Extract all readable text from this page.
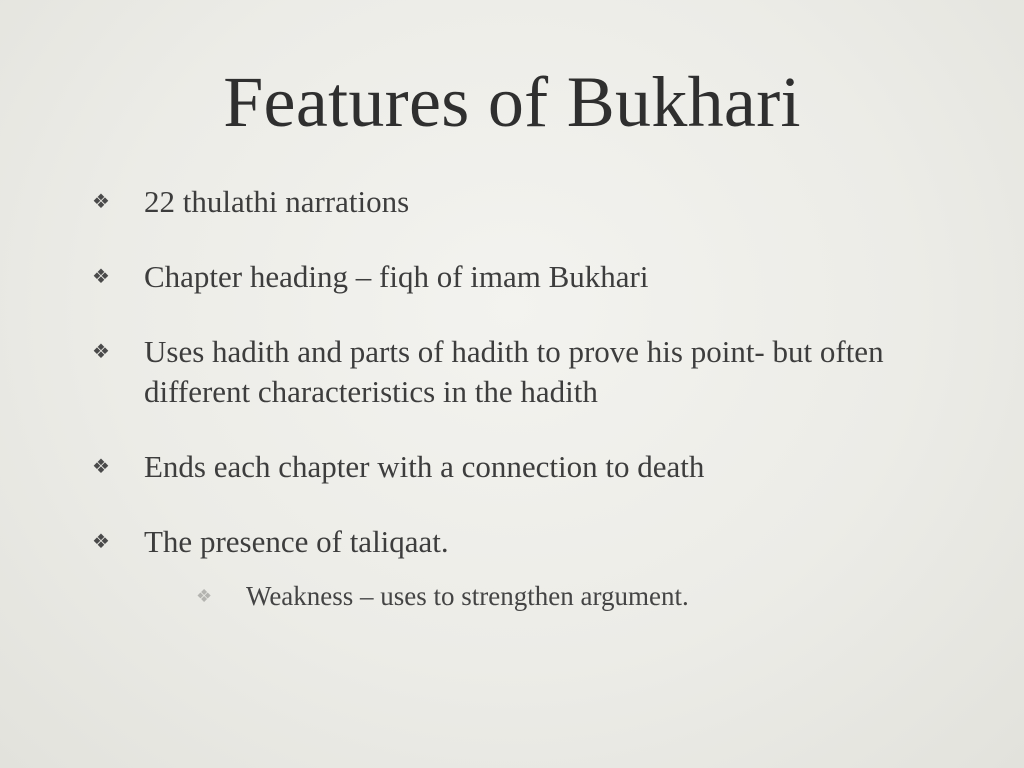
Features of Bukhari
❖ 22 thulathi narrations
❖ Chapter heading – fiqh of imam Bukhari
❖ Uses hadith and parts of hadith to prove his point- but often different characteristics in the hadith
❖ Ends each chapter with a connection to death
❖ The presence of taliqaat.
❖ Weakness – uses to strengthen argument.
